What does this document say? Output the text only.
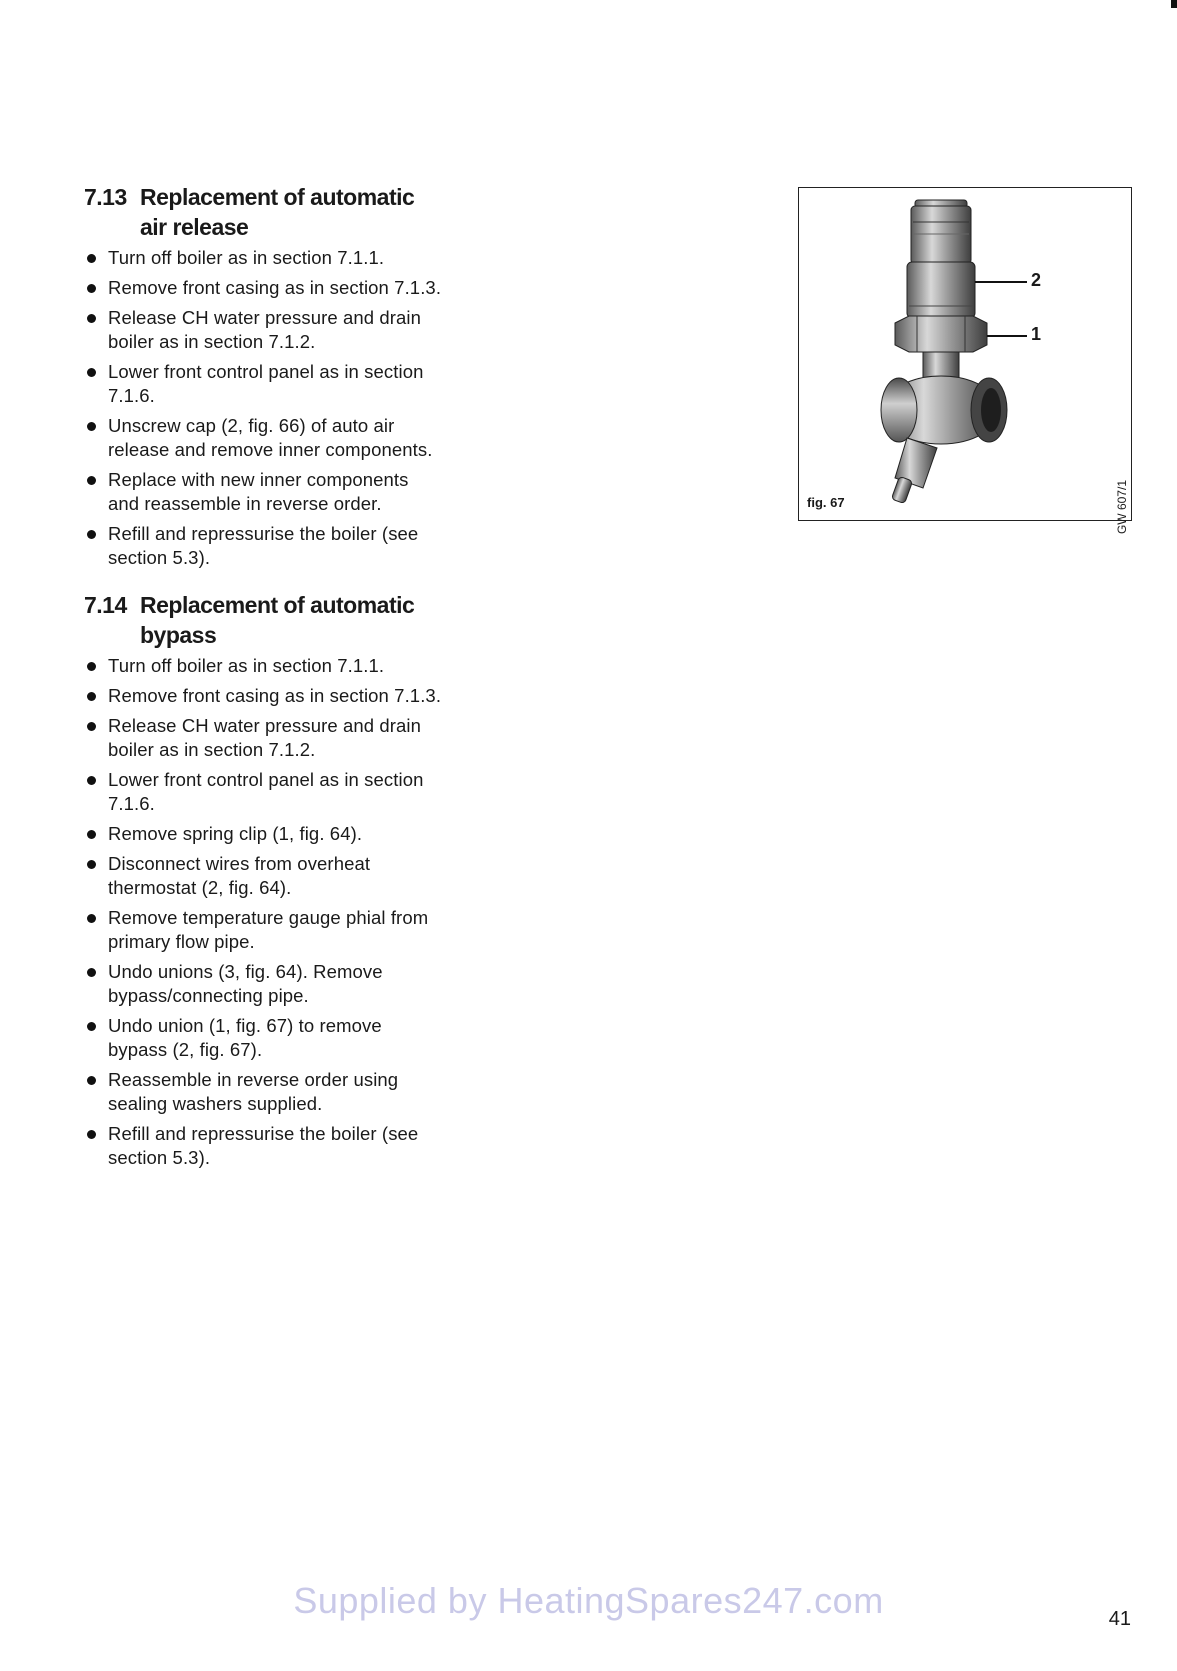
7.13 Replacement of automatic
air release
Turn off boiler as in section 7.1.1.
Remove front casing as in section 7.1.3.
Release CH water pressure and drain boiler as in section 7.1.2.
Lower front control panel as in section 7.1.6.
Unscrew cap (2, fig. 66) of auto air release and remove inner components.
Replace with new inner components and reassemble in reverse order.
Refill and repressurise the boiler (see section 5.3).
7.14 Replacement of automatic
bypass
Turn off boiler as in section 7.1.1.
Remove front casing as in section 7.1.3.
Release CH water pressure and drain boiler as in section 7.1.2.
Lower front control panel as in section 7.1.6.
Remove spring clip (1, fig. 64).
Disconnect wires from overheat thermostat (2, fig. 64).
Remove temperature gauge phial from primary flow pipe.
Undo unions (3, fig. 64). Remove bypass/connecting pipe.
Undo union (1, fig. 67) to remove bypass (2, fig. 67).
Reassemble in reverse order using sealing washers supplied.
Refill and repressurise the boiler (see section 5.3).
2
1
fig. 67	GW 607/1
Supplied by HeatingSpares247.com	41
